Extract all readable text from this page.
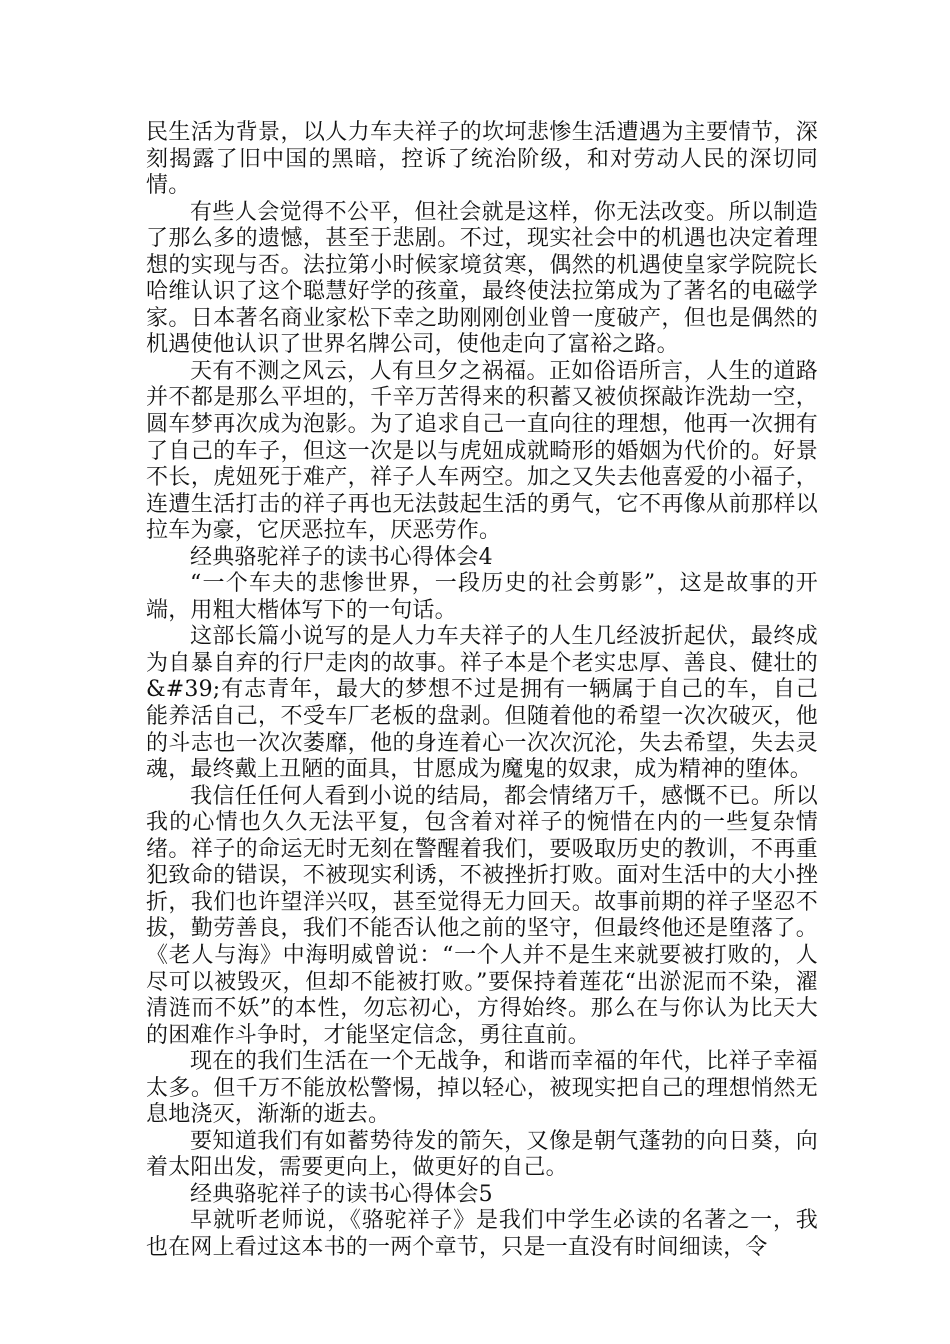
民生活为背景，以人力车夫祥子的坎坷悲惨生活遭遇为主要情节，深刻揭露了旧中国的黑暗，控诉了统治阶级，和对劳动人民的深切同情。

有些人会觉得不公平，但社会就是这样，你无法改变。所以制造了那么多的遗憾，甚至于悲剧。不过，现实社会中的机遇也决定着理想的实现与否。法拉第小时候家境贫寒，偶然的机遇使皇家学院院长哈维认识了这个聪慧好学的孩童，最终使法拉第成为了著名的电磁学家。日本著名商业家松下幸之助刚刚创业曾一度破产，但也是偶然的机遇使他认识了世界名牌公司，使他走向了富裕之路。

天有不测之风云，人有旦夕之祸福。正如俗语所言，人生的道路并不都是那么平坦的，千辛万苦得来的积蓄又被侦探敲诈洗劫一空，圆车梦再次成为泡影。为了追求自己一直向往的理想，他再一次拥有了自己的车子，但这一次是以与虎妞成就畸形的婚姻为代价的。好景不长，虎妞死于难产，祥子人车两空。加之又失去他喜爱的小福子，连遭生活打击的祥子再也无法鼓起生活的勇气，它不再像从前那样以拉车为豪，它厌恶拉车，厌恶劳作。

经典骆驼祥子的读书心得体会4

“一个车夫的悲惨世界，一段历史的社会剪影”，这是故事的开端，用粗大楷体写下的一句话。

这部长篇小说写的是人力车夫祥子的人生几经波折起伏，最终成为自暴自弃的行尸走肉的故事。祥子本是个老实忠厚、善良、健壮的&#39;有志青年，最大的梦想不过是拥有一辆属于自己的车，自己能养活自己，不受车厂老板的盘剥。但随着他的希望一次次破灭，他的斗志也一次次萎靡，他的身连着心一次次沉沦，失去希望，失去灵魂，最终戴上丑陋的面具，甘愿成为魔鬼的奴隶，成为精神的堕体。

我信任任何人看到小说的结局，都会情绪万千，感慨不已。所以我的心情也久久无法平复，包含着对祥子的惋惜在内的一些复杂情绪。祥子的命运无时无刻在警醒着我们，要吸取历史的教训，不再重犯致命的错误，不被现实利诱，不被挫折打败。面对生活中的大小挫折，我们也许望洋兴叹，甚至觉得无力回天。故事前期的祥子坚忍不拔，勤劳善良，我们不能否认他之前的坚守，但最终他还是堕落了。《老人与海》中海明威曾说：“一个人并不是生来就要被打败的，人尽可以被毁灭，但却不能被打败。”要保持着莲花“出淤泥而不染，濯清涟而不妖”的本性，勿忘初心，方得始终。那么在与你认为比天大的困难作斗争时，才能坚定信念，勇往直前。

现在的我们生活在一个无战争，和谐而幸福的年代，比祥子幸福太多。但千万不能放松警惕，掉以轻心，被现实把自己的理想悄然无息地浇灭，渐渐的逝去。

要知道我们有如蓄势待发的箭矢，又像是朝气蓬勃的向日葵，向着太阳出发，需要更向上，做更好的自己。

经典骆驼祥子的读书心得体会5

早就听老师说，《骆驼祥子》是我们中学生必读的名著之一，我也在网上看过这本书的一两个章节，只是一直没有时间细读，令
